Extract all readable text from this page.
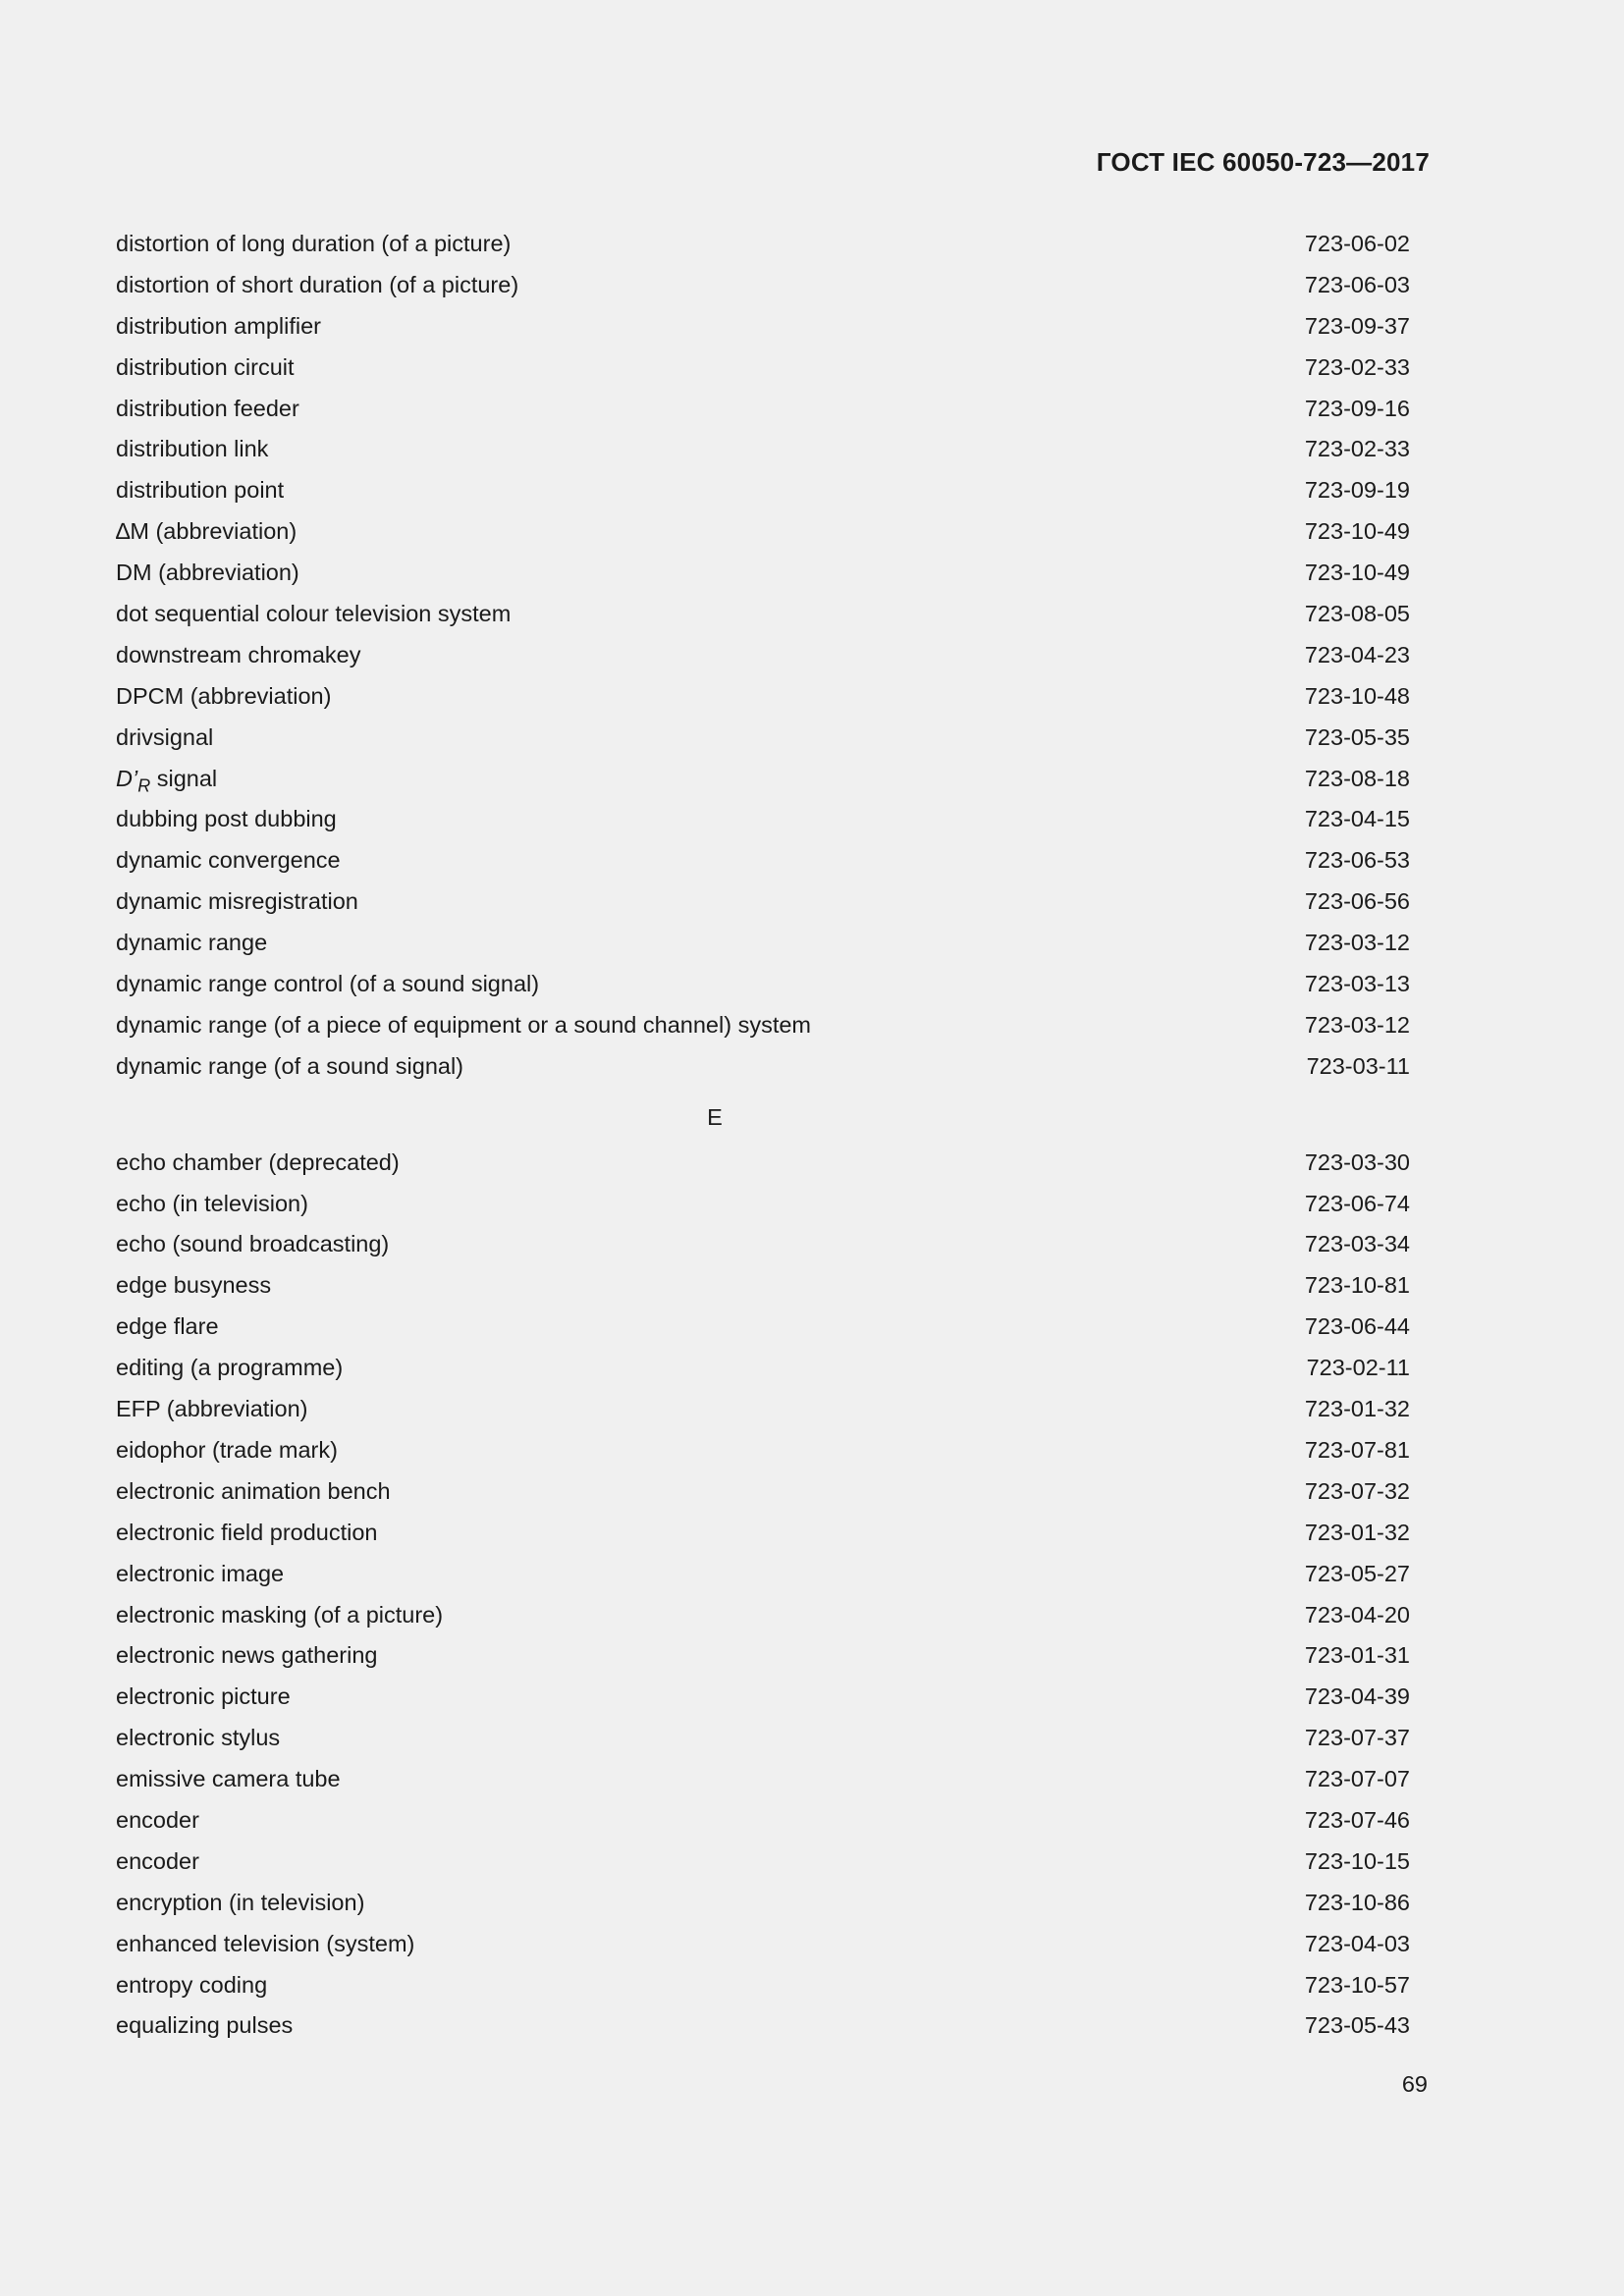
ГОСТ IEC 60050-723—2017
distortion of long duration (of a picture)	723-06-02
distortion of short duration (of a picture)	723-06-03
distribution amplifier	723-09-37
distribution circuit	723-02-33
distribution feeder	723-09-16
distribution link	723-02-33
distribution point	723-09-19
∆M (abbreviation)	723-10-49
DM (abbreviation)	723-10-49
dot sequential colour television system	723-08-05
downstream chromakey	723-04-23
DPCM (abbreviation)	723-10-48
drivsignal	723-05-35
$D’_R$ signal	723-08-18
dubbing post dubbing	723-04-15
dynamic convergence	723-06-53
dynamic misregistration	723-06-56
dynamic range	723-03-12
dynamic range control (of a sound signal)	723-03-13
dynamic range (of a piece of equipment or a sound channel) system	723-03-12
dynamic range (of a sound signal)	723-03-11
E
echo chamber (deprecated)	723-03-30
echo (in television)	723-06-74
echo (sound broadcasting)	723-03-34
edge busyness	723-10-81
edge flare	723-06-44
editing (a programme)	723-02-11
EFP (abbreviation)	723-01-32
eidophor (trade mark)	723-07-81
electronic animation bench	723-07-32
electronic field production	723-01-32
electronic image	723-05-27
electronic masking (of a picture)	723-04-20
electronic news gathering	723-01-31
electronic picture	723-04-39
electronic stylus	723-07-37
emissive camera tube	723-07-07
encoder	723-07-46
encoder	723-10-15
encryption (in television)	723-10-86
enhanced television (system)	723-04-03
entropy coding	723-10-57
equalizing pulses	723-05-43
69
